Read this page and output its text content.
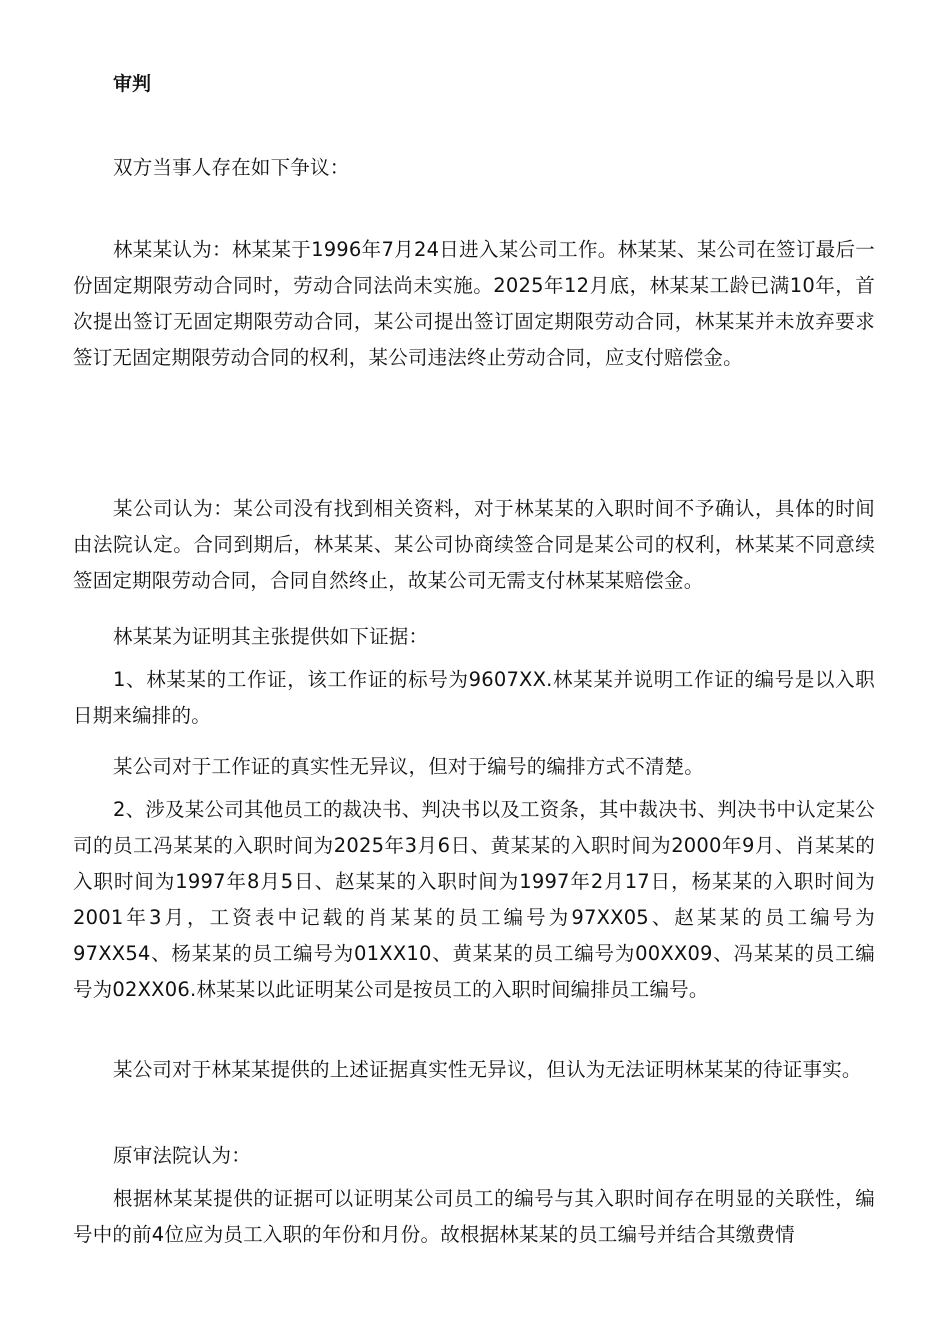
审判

双方当事人存在如下争议：

林某某认为：林某某于1996年7月24日进入某公司工作。林某某、某公司在签订最后一份固定期限劳动合同时，劳动合同法尚未实施。2025年12月底，林某某工龄已满10年，首次提出签订无固定期限劳动合同，某公司提出签订固定期限劳动合同，林某某并未放弃要求签订无固定期限劳动合同的权利，某公司违法终止劳动合同，应支付赔偿金。

某公司认为：某公司没有找到相关资料，对于林某某的入职时间不予确认，具体的时间由法院认定。合同到期后，林某某、某公司协商续签合同是某公司的权利，林某某不同意续签固定期限劳动合同，合同自然终止，故某公司无需支付林某某赔偿金。

林某某为证明其主张提供如下证据：

1、林某某的工作证，该工作证的标号为9607XX.林某某并说明工作证的编号是以入职日期来编排的。

某公司对于工作证的真实性无异议，但对于编号的编排方式不清楚。

2、涉及某公司其他员工的裁决书、判决书以及工资条，其中裁决书、判决书中认定某公司的员工冯某某的入职时间为2025年3月6日、黄某某的入职时间为2000年9月、肖某某的入职时间为1997年8月5日、赵某某的入职时间为1997年2月17日，杨某某的入职时间为2001年3月，工资表中记载的肖某某的员工编号为97XX05、赵某某的员工编号为97XX54、杨某某的员工编号为01XX10、黄某某的员工编号为00XX09、冯某某的员工编号为02XX06.林某某以此证明某公司是按员工的入职时间编排员工编号。

某公司对于林某某提供的上述证据真实性无异议，但认为无法证明林某某的待证事实。

原审法院认为：

根据林某某提供的证据可以证明某公司员工的编号与其入职时间存在明显的关联性，编号中的前4位应为员工入职的年份和月份。故根据林某某的员工编号并结合其缴费情
